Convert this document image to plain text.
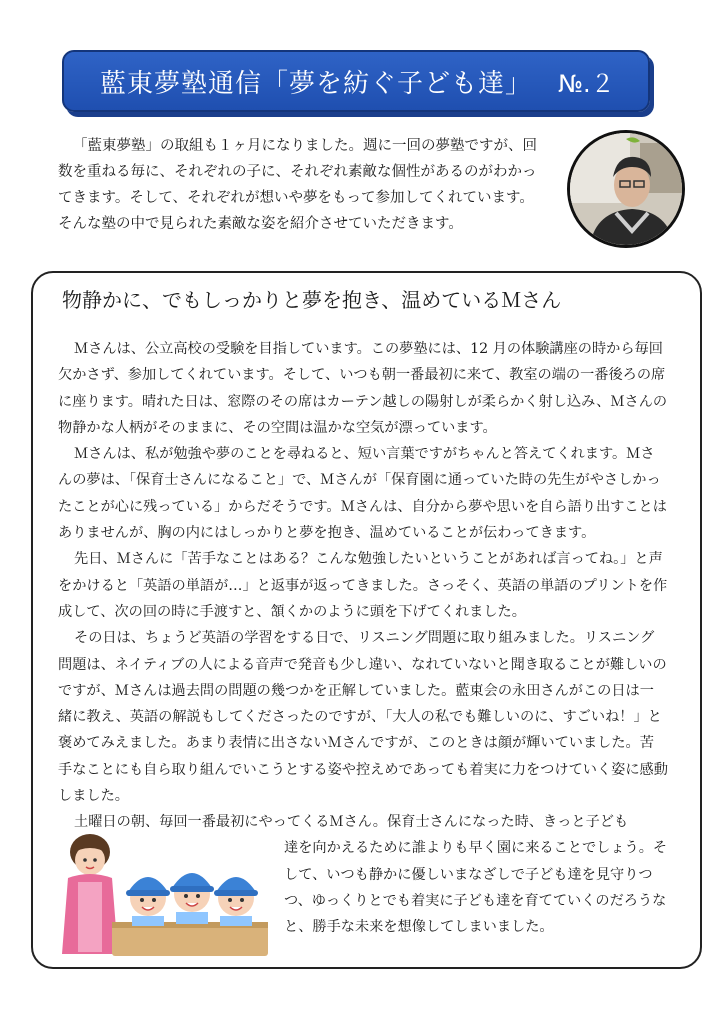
藍東夢塾通信「夢を紡ぐ子ども達」 №.２

「藍東夢塾」の取組も１ヶ月になりました。週に一回の夢塾ですが、回
数を重ねる毎に、それぞれの子に、それぞれ素敵な個性があるのがわかっ
てきます。そして、それぞれが想いや夢をもって参加してくれています。
そんな塾の中で見られた素敵な姿を紹介させていただきます。

物静かに、でもしっかりと夢を抱き、温めているＭさん

Ｍさんは、公立高校の受験を目指しています。この夢塾には、12 月の体験講座の時から毎回欠かさず、参加してくれています。そして、いつも朝一番最初に来て、教室の端の一番後ろの席に座ります。晴れた日は、窓際のその席はカーテン越しの陽射しが柔らかく射し込み、Ｍさんの物静かな人柄がそのままに、その空間は温かな空気が漂っています。

Ｍさんは、私が勉強や夢のことを尋ねると、短い言葉ですがちゃんと答えてくれます。Ｍさんの夢は、「保育士さんになること」で、Ｍさんが「保育園に通っていた時の先生がやさしかったことが心に残っている」からだそうです。Ｍさんは、自分から夢や思いを自ら語り出すことはありませんが、胸の内にはしっかりと夢を抱き、温めていることが伝わってきます。

先日、Ｍさんに「苦手なことはある？こんな勉強したいということがあれば言ってね。」と声をかけると「英語の単語が…」と返事が返ってきました。さっそく、英語の単語のプリントを作成して、次の回の時に手渡すと、頷くかのように頭を下げてくれました。

その日は、ちょうど英語の学習をする日で、リスニング問題に取り組みました。リスニング問題は、ネイティブの人による音声で発音も少し違い、なれていないと聞き取ることが難しいのですが、Ｍさんは過去問の問題の幾つかを正解していました。藍東会の永田さんがこの日は一緒に教え、英語の解説もしてくださったのですが、「大人の私でも難しいのに、すごいね！」と褒めてみえました。あまり表情に出さないＭさんですが、このときは顔が輝いていました。苦手なことにも自ら取り組んでいこうとする姿や控えめであっても着実に力をつけていく姿に感動しました。

土曜日の朝、毎回一番最初にやってくるＭさん。保育士さんになった時、きっと子ども
達を向かえるために誰よりも早く園に来ることでしょう。そして、いつも静かに優しいまなざしで子ども達を見守りつつ、ゆっくりとでも着実に子ども達を育てていくのだろうなと、勝手な未来を想像してしまいました。
